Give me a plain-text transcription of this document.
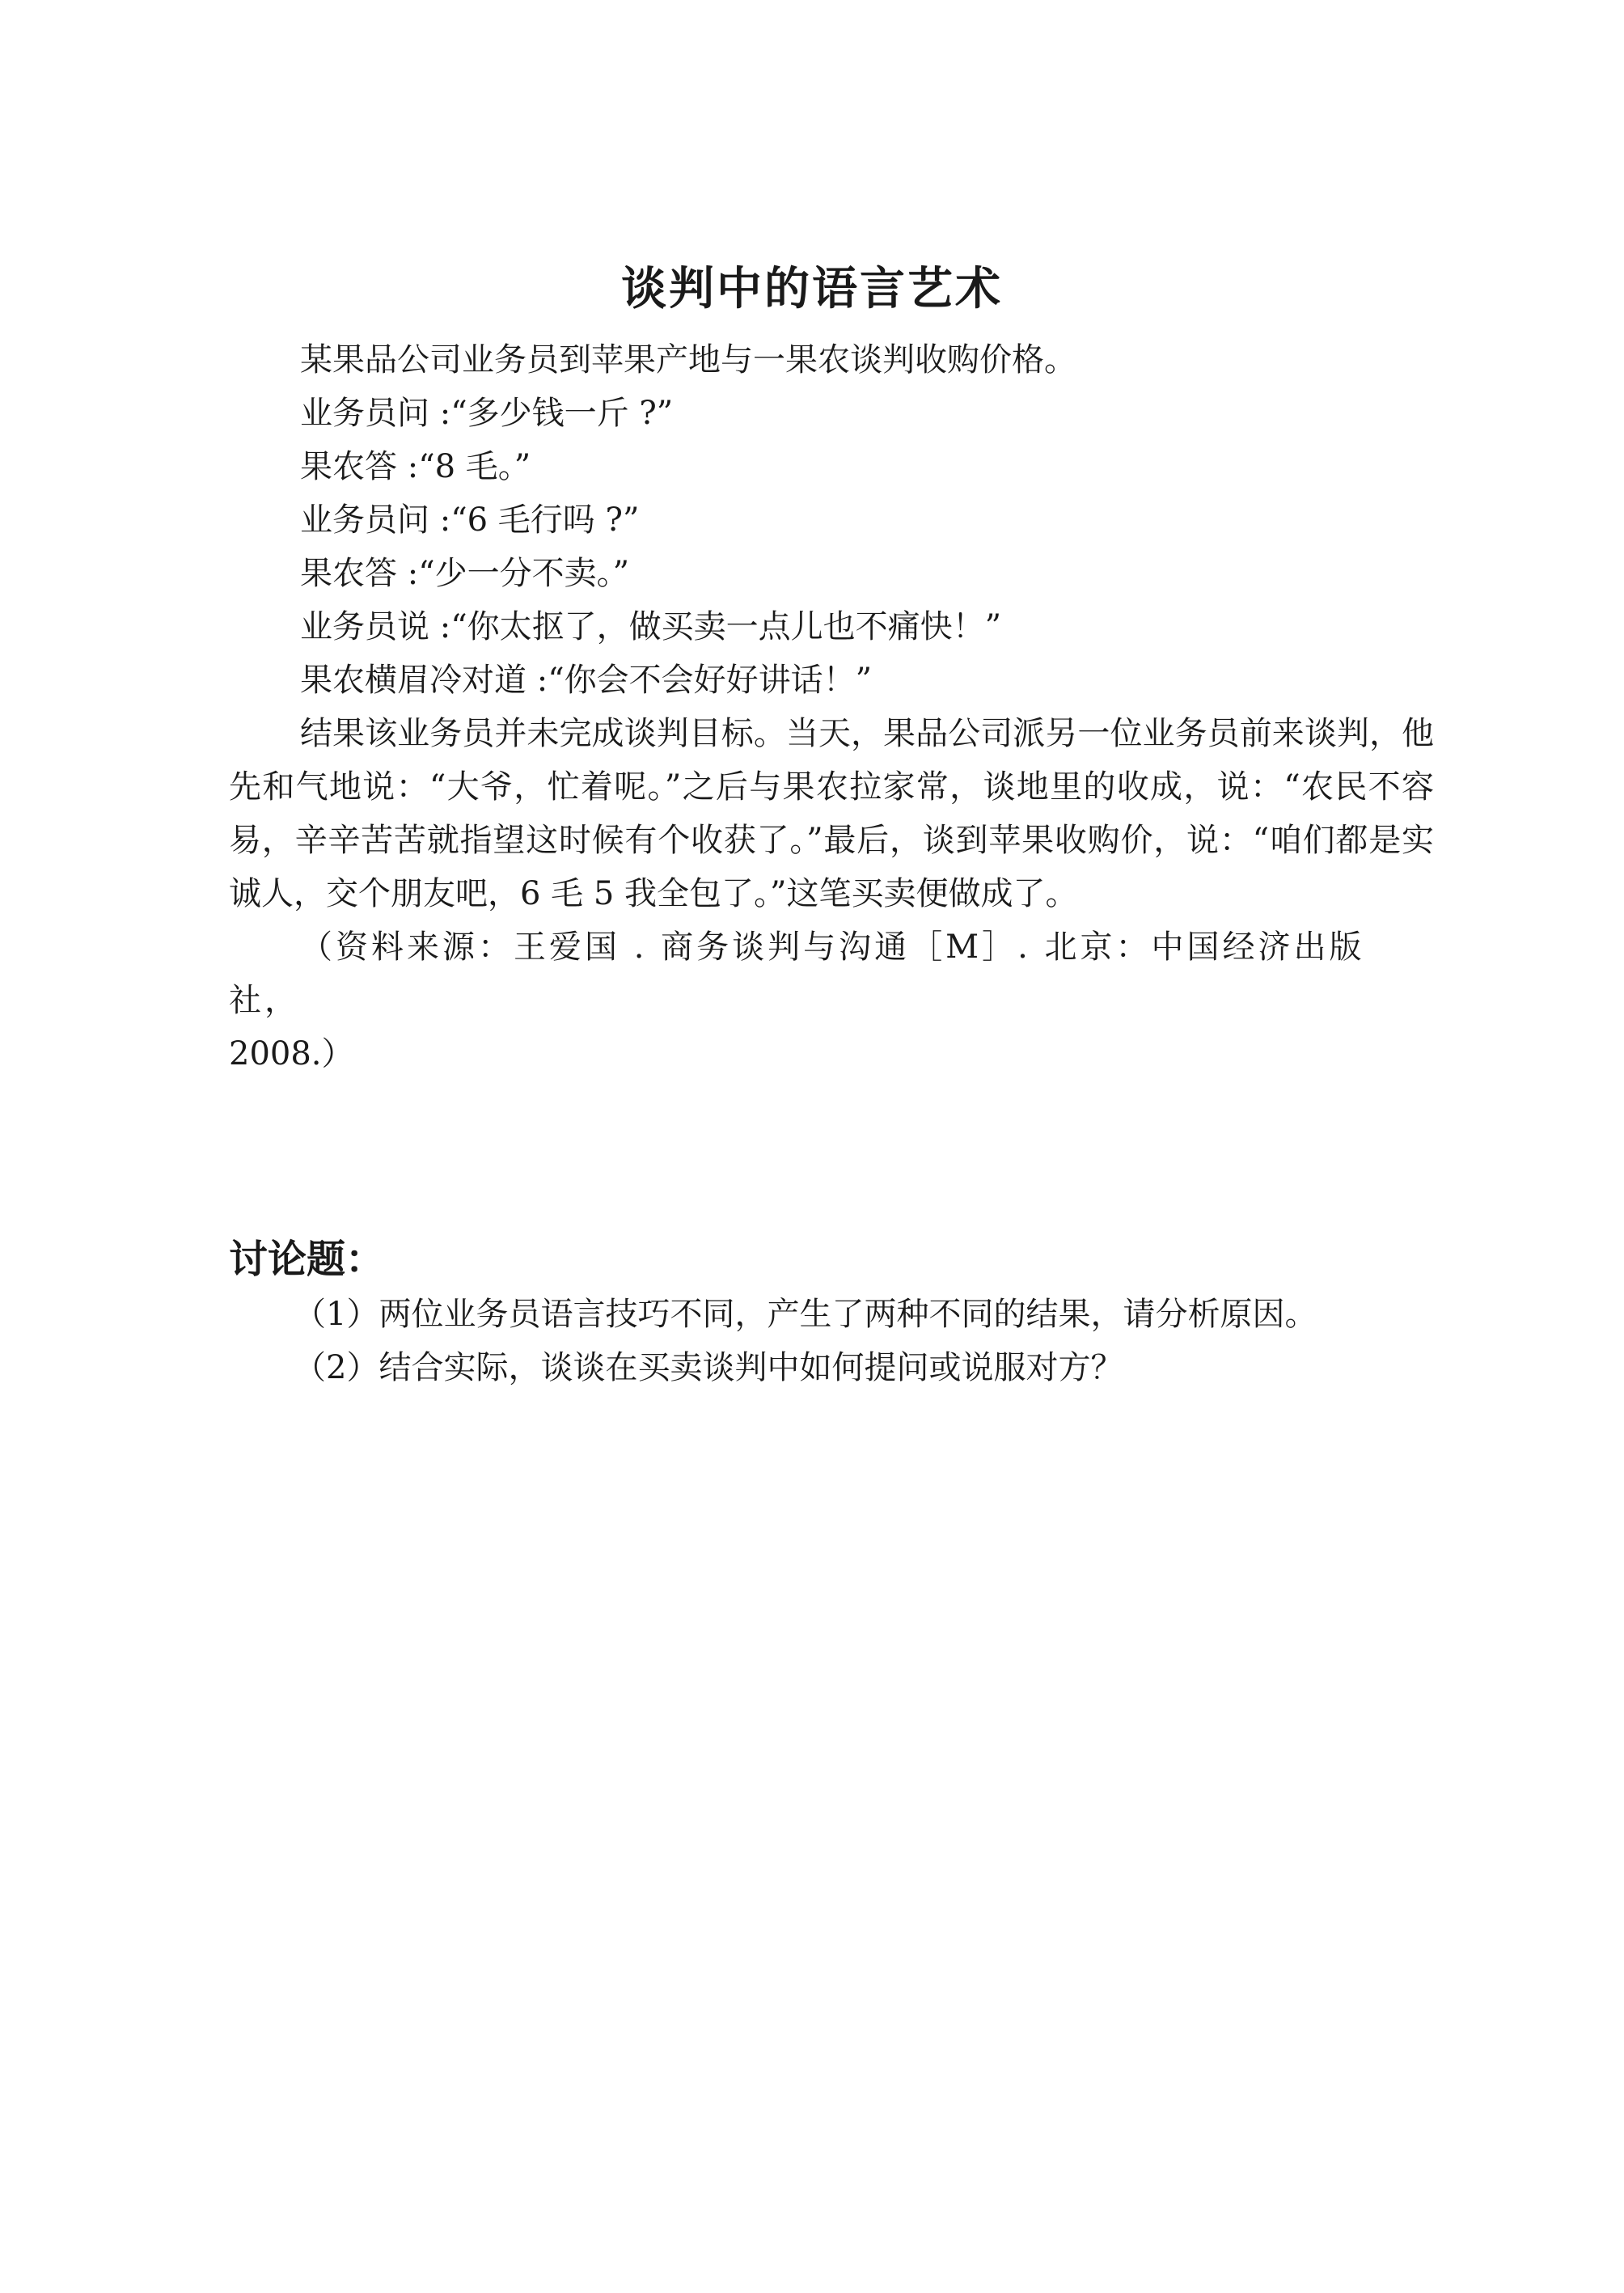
谈判中的语言艺术

某果品公司业务员到苹果产地与一果农谈判收购价格。

业务员问 :“多少钱一斤 ?”

果农答 :“8 毛。”

业务员问 :“6 毛行吗 ?”

果农答 :“少一分不卖。”

业务员说 :“你太抠了，做买卖一点儿也不痛快！”

果农横眉冷对道 :“你会不会好好讲话！”

结果该业务员并未完成谈判目标。当天，果品公司派另一位业务员前来谈判，他先和气地说：“大爷，忙着呢。”之后与果农拉家常，谈地里的收成，说：“农民不容易，辛辛苦苦就指望这时候有个收获了。”最后，谈到苹果收购价，说：“咱们都是实诚人，交个朋友吧，6 毛 5 我全包了。”这笔买卖便做成了。

（资料来源：王爱国 . 商务谈判与沟通［M］. 北京：中国经济出版社，
2008.）

讨论题：
（1）两位业务员语言技巧不同，产生了两种不同的结果，请分析原因。
（2）结合实际，谈谈在买卖谈判中如何提问或说服对方？
